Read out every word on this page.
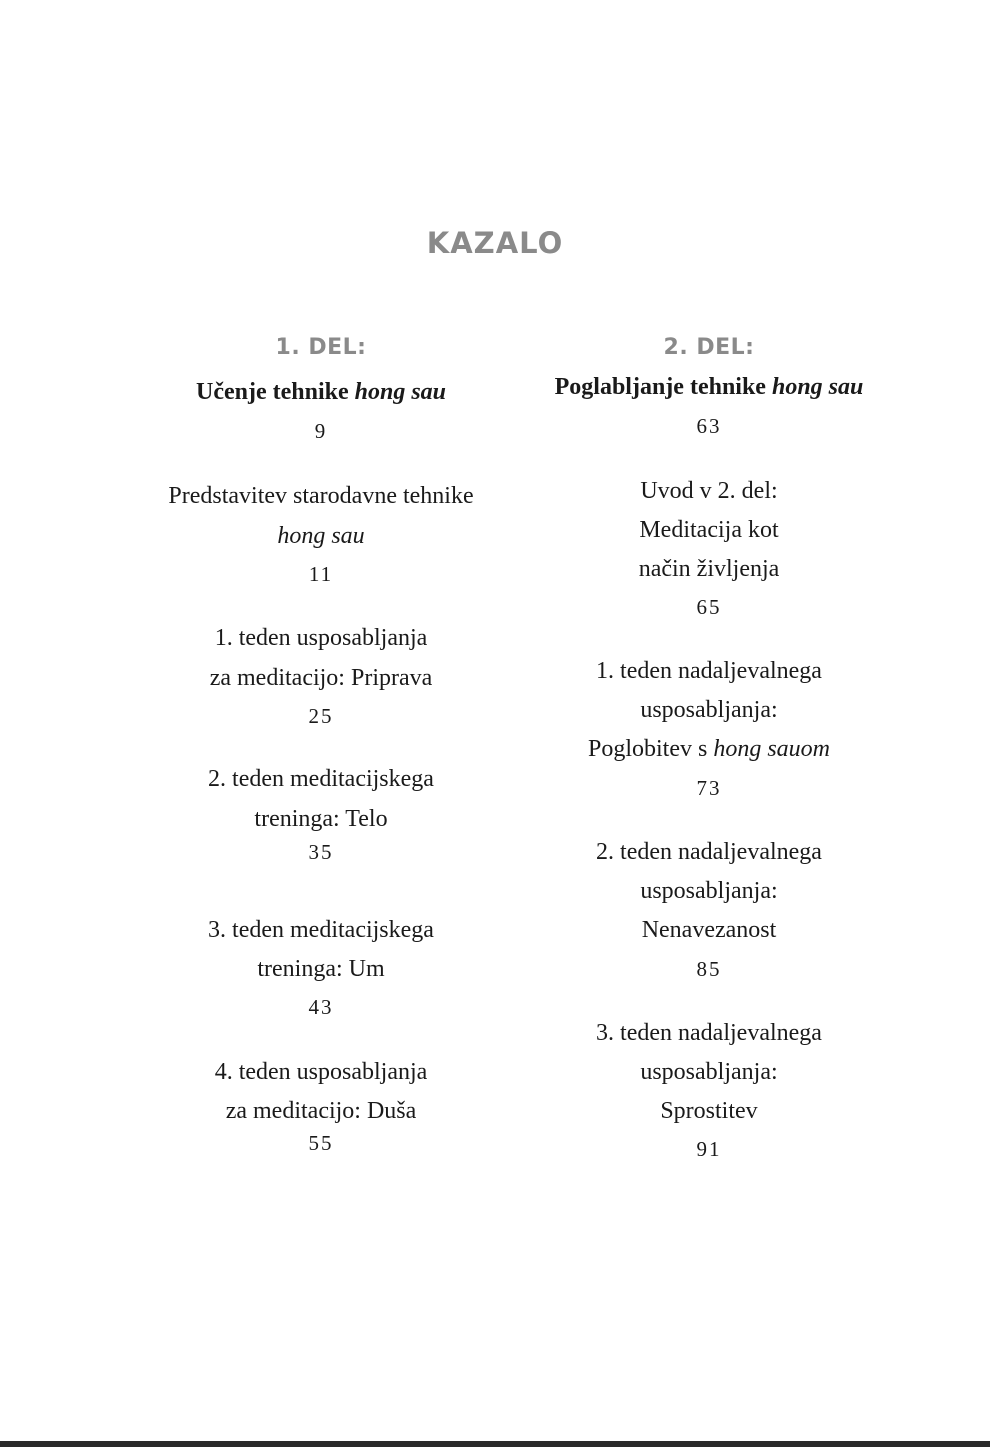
KAZALO
1. DEL:
Učenje tehnike hong sau
9
Predstavitev starodavne tehnike
hong sau
11
1. teden usposabljanja
za meditacijo: Priprava
25
2. teden meditacijskega
treninga: Telo
35
3. teden meditacijskega
treninga: Um
43
4. teden usposabljanja
za meditacijo: Duša
55
2. DEL:
Poglabljanje tehnike hong sau
63
Uvod v 2. del:
Meditacija kot
način življenja
65
1. teden nadaljevalnega
usposabljanja:
Poglobitev s hong sauom
73
2. teden nadaljevalnega
usposabljanja:
Nenavezanost
85
3. teden nadaljevalnega
usposabljanja:
Sprostitev
91
